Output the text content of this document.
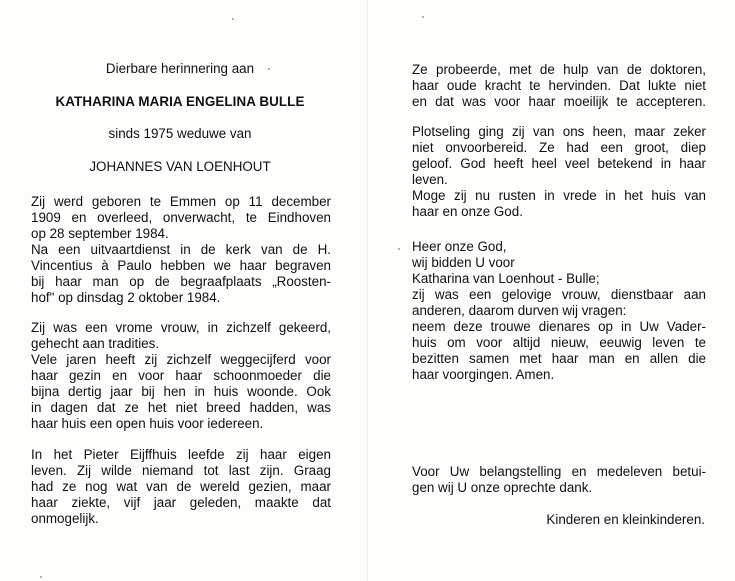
Dierbare herinnering aan
KATHARINA MARIA ENGELINA BULLE
sinds 1975 weduwe van
JOHANNES VAN LOENHOUT
Zij werd geboren te Emmen op 11 december
1909 en overleed, onverwacht, te Eindhoven
op 28 september 1984.
Na een uitvaartdienst in de kerk van de H.
Vincentius à Paulo hebben we haar begraven
bij haar man op de begraafplaats „Roosten-
hof" op dinsdag 2 oktober 1984.
Zij was een vrome vrouw, in zichzelf gekeerd,
gehecht aan tradities.
Vele jaren heeft zij zichzelf weggecijferd voor
haar gezin en voor haar schoonmoeder die
bijna dertig jaar bij hen in huis woonde. Ook
in dagen dat ze het niet breed hadden, was
haar huis een open huis voor iedereen.
In het Pieter Eijffhuis leefde zij haar eigen
leven. Zij wilde niemand tot last zijn. Graag
had ze nog wat van de wereld gezien, maar
haar ziekte, vijf jaar geleden, maakte dat
onmogelijk.
Ze probeerde, met de hulp van de doktoren,
haar oude kracht te hervinden. Dat lukte niet
en dat was voor haar moeilijk te accepteren.
Plotseling ging zij van ons heen, maar zeker
niet onvoorbereid. Ze had een groot, diep
geloof. God heeft heel veel betekend in haar
leven.
Moge zij nu rusten in vrede in het huis van
haar en onze God.
Heer onze God,
wij bidden U voor
Katharina van Loenhout - Bulle;
zij was een gelovige vrouw, dienstbaar aan
anderen, daarom durven wij vragen:
neem deze trouwe dienares op in Uw Vader-
huis om voor altijd nieuw, eeuwig leven te
bezitten samen met haar man en allen die
haar voorgingen. Amen.
Voor Uw belangstelling en medeleven betui-
gen wij U onze oprechte dank.
Kinderen en kleinkinderen.
